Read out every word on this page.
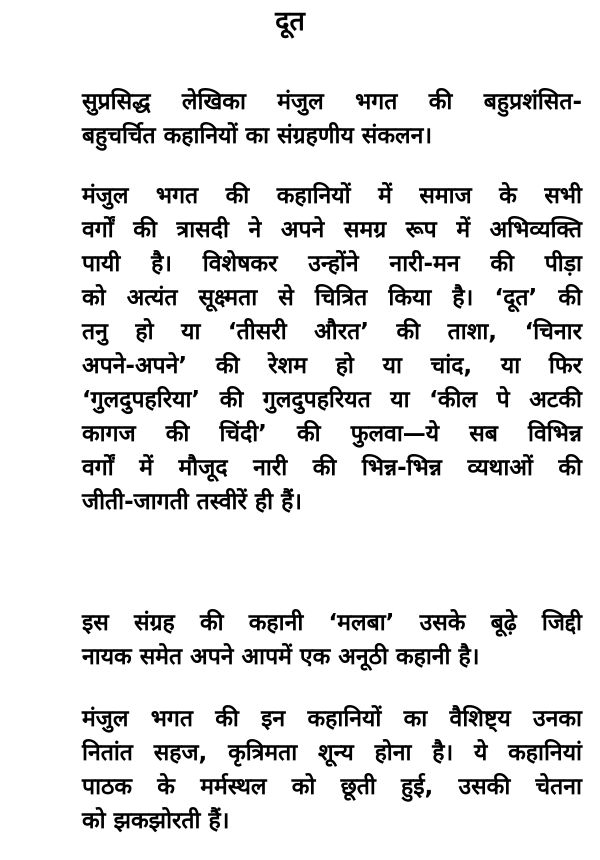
दूत

सुप्रसिद्ध लेखिका मंजुल भगत की बहुप्रशंसित-
बहुचर्चित कहानियों का संग्रहणीय संकलन।

मंजुल भगत की कहानियों में समाज के सभी
वर्गों की त्रासदी ने अपने समग्र रूप में अभिव्यक्ति
पायी है। विशेषकर उन्होंने नारी-मन की पीड़ा
को अत्यंत सूक्ष्मता से चित्रित किया है। ‘दूत’ की
तनु हो या ‘तीसरी औरत’ की ताशा, ‘चिनार
अपने-अपने’ की रेशम हो या चांद, या फिर
‘गुलदुपहरिया’ की गुलदुपहरियत या ‘कील पे अटकी
कागज की चिंदी’ की फुलवा—ये सब विभिन्न
वर्गों में मौजूद नारी की भिन्न-भिन्न व्यथाओं की
जीती-जागती तस्वीरें ही हैं।

इस संग्रह की कहानी ‘मलबा’ उसके बूढ़े जिद्दी
नायक समेत अपने आपमें एक अनूठी कहानी है।

मंजुल भगत की इन कहानियों का वैशिष्ट्य उनका
नितांत सहज, कृत्रिमता शून्य होना है। ये कहानियां
पाठक के मर्मस्थल को छूती हुई, उसकी चेतना
को झकझोरती हैं।
